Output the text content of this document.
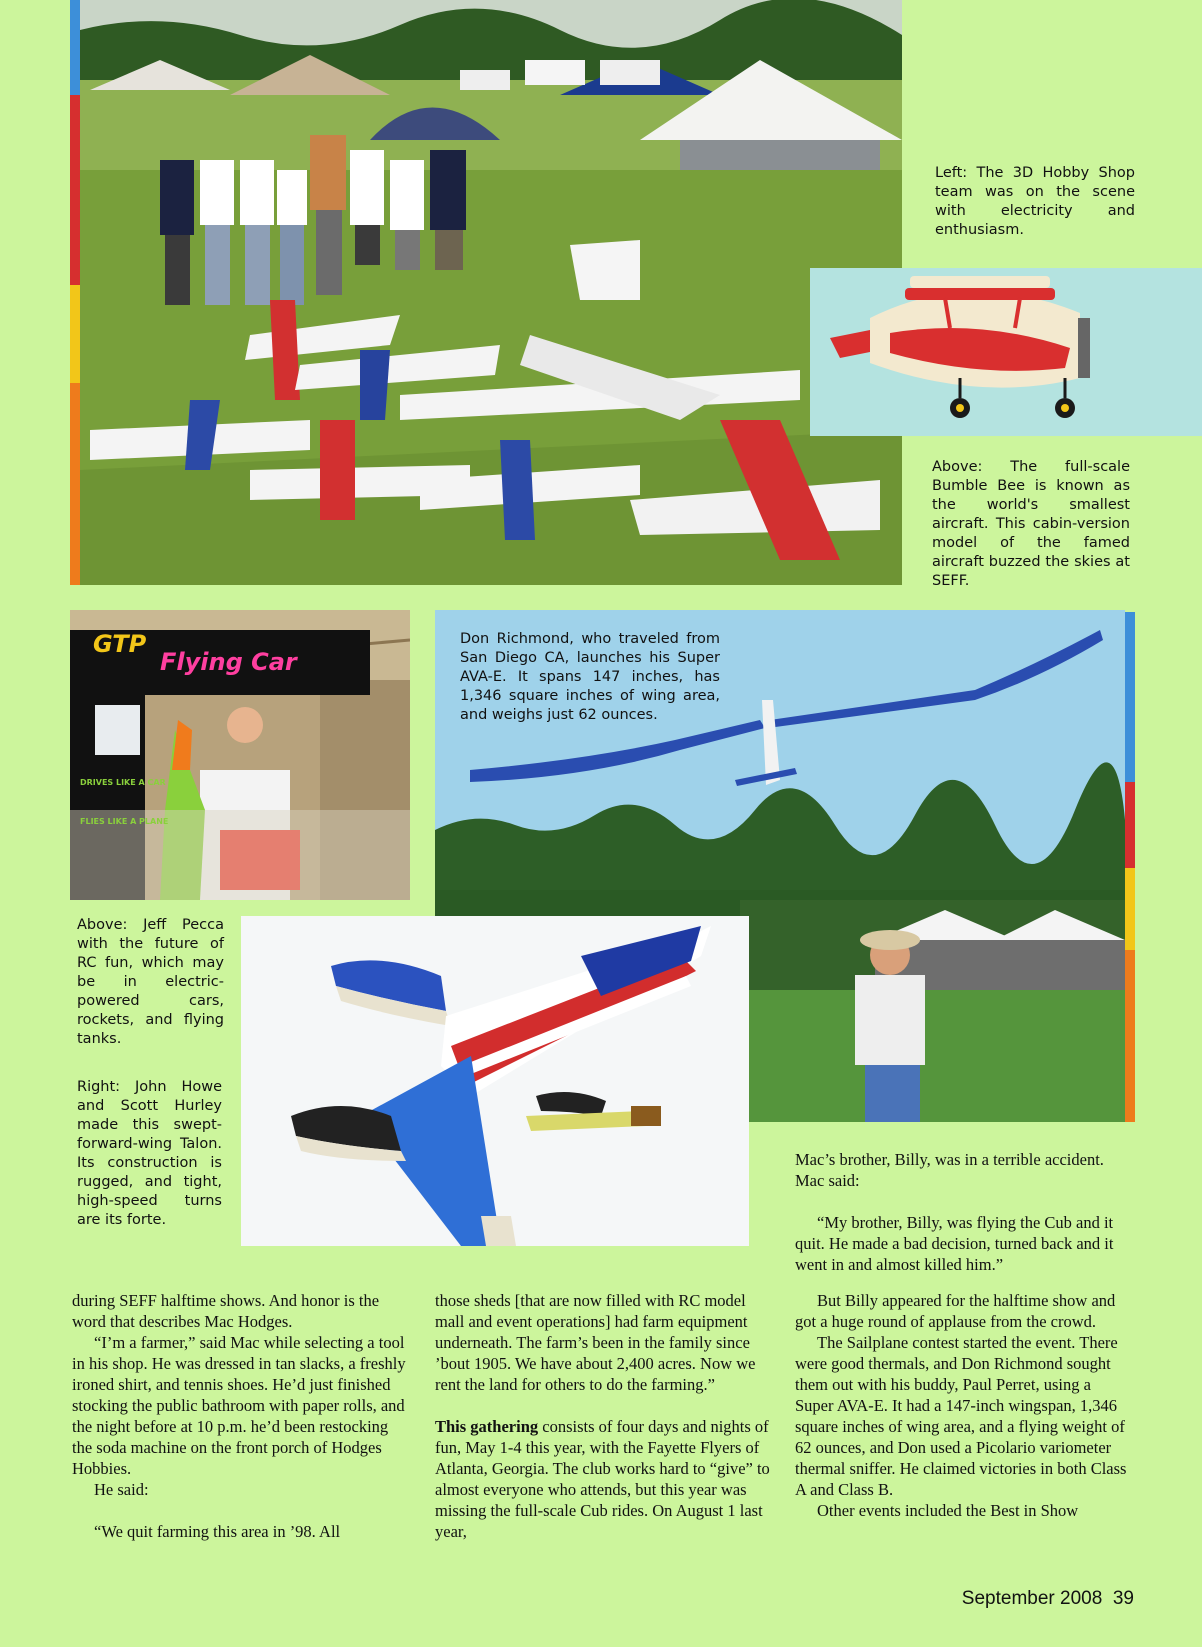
Left: The 3D Hobby Shop team was on the scene with electricity and enthusiasm.
Above: The full-scale Bumble Bee is known as the world's smallest aircraft. This cabin-version model of the famed aircraft buzzed the skies at SEFF.
GTP
Flying Car
DRIVES LIKE A CAR
FLIES LIKE A PLANE
Don Richmond, who traveled from San Diego CA, launches his Super AVA-E. It spans 147 inches, has 1,346 square inches of wing area, and weighs just 62 ounces.
Above: Jeff Pecca with the future of RC fun, which may be in electric-powered cars, rockets, and flying tanks.
Right: John Howe and Scott Hurley made this swept-forward-wing Talon. Its construction is rugged, and tight, high-speed turns are its forte.

Mac’s brother, Billy, was in a terrible accident. Mac said:

“My brother, Billy, was flying the Cub and it quit. He made a bad decision, turned back and it went in and almost killed him.”

during SEFF halftime shows. And honor is the word that describes Mac Hodges.

“I’m a farmer,” said Mac while selecting a tool in his shop. He was dressed in tan slacks, a freshly ironed shirt, and tennis shoes. He’d just finished stocking the public bathroom with paper rolls, and the night before at 10 p.m. he’d been restocking the soda machine on the front porch of Hodges Hobbies.

He said:

“We quit farming this area in ’98. All

those sheds [that are now filled with RC model mall and event operations] had farm equipment underneath. The farm’s been in the family since ’bout 1905. We have about 2,400 acres. Now we rent the land for others to do the farming.”

This gathering consists of four days and nights of fun, May 1-4 this year, with the Fayette Flyers of Atlanta, Georgia. The club works hard to “give” to almost everyone who attends, but this year was missing the full-scale Cub rides. On August 1 last year,

But Billy appeared for the halftime show and got a huge round of applause from the crowd.

The Sailplane contest started the event. There were good thermals, and Don Richmond sought them out with his buddy, Paul Perret, using a Super AVA-E. It had a 147-inch wingspan, 1,346 square inches of wing area, and a flying weight of 62 ounces, and Don used a Picolario variometer thermal sniffer. He claimed victories in both Class A and Class B.

Other events included the Best in Show

September 2008 39
